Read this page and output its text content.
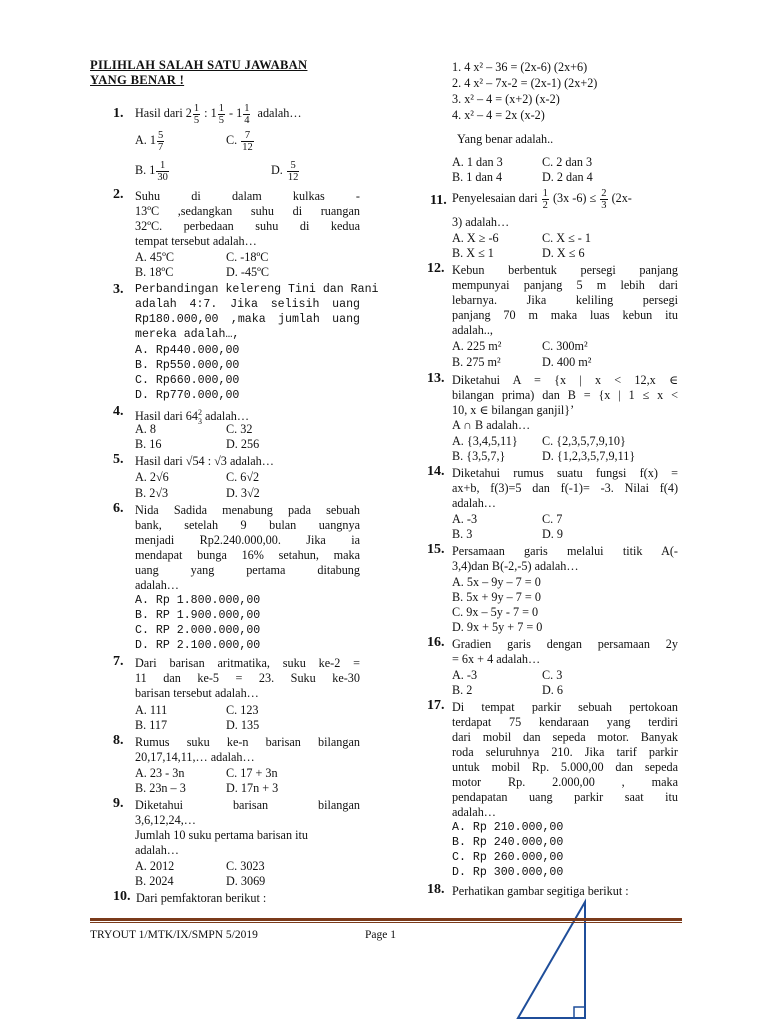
PILIHLAH SALAH SATU JAWABAN
YANG BENAR !
1. Hasil dari $2 \frac{1}{5}$ : $1 \frac{1}{5} - 1 \frac{1}{4}$ adalah…
A. $1 \frac{5}{7}$	C. $\frac{7}{12}$
B. $1 \frac{1}{30}$	D. $\frac{5}{12}$
2. Suhu di dalam kulkas -
13ºC ,sedangkan suhu di ruangan
32ºC. perbedaan suhu di kedua
tempat tersebut adalah…
A. 45ºC	C. -18ºC
B. 18ºC	D. -45ºC
3. Perbandingan kelereng Tini dan Rani
adalah 4:7. Jika selisih uang
Rp180.000,00 ,maka jumlah uang
mereka adalah…,
A. Rp440.000,00
B. Rp550.000,00
C. Rp660.000,00
D. Rp770.000,00
4. Hasil dari $64^2_3$ adalah…
A. 8	C. 32
B. 16	D. 256
5. Hasil dari √54 : √3 adalah…
A. 2√6	C. 6√2
B. 2√3	D. 3√2
6. Nida Sadida menabung pada sebuah
bank, setelah 9 bulan uangnya
menjadi Rp2.240.000,00. Jika ia
mendapat bunga 16% setahun, maka
uang yang pertama ditabung
adalah…
A. Rp 1.800.000,00
B. RP 1.900.000,00
C. RP 2.000.000,00
D. RP 2.100.000,00
7. Dari barisan aritmatika, suku ke-2 =
11 dan ke-5 = 23. Suku ke-30
barisan tersebut adalah…
A. 111	C. 123
B. 117	D. 135
8. Rumus suku ke-n barisan bilangan
20,17,14,11,… adalah…
A. 23 - 3n	C. 17 + 3n
B. 23n – 3	D. 17n + 3
9. Diketahui barisan bilangan
3,6,12,24,…
Jumlah 10 suku pertama barisan itu
adalah…
A. 2012	C. 3023
B. 2024	D. 3069
10. Dari pemfaktoran berikut :
1. 4 x² – 36 = (2x-6) (2x+6)
2. 4 x² – 7x-2 = (2x-1) (2x+2)
3. x² – 4 = (x+2) (x-2)
4. x² – 4 = 2x (x-2)
Yang benar adalah..
A. 1 dan 3	C. 2 dan 3
B. 1 dan 4	D. 2 dan 4
11. Penyelesaian dari $\frac{1}{2} (3x$ $-6) \le \frac{2}{3} (2x-$
3) adalah…
A. X ≥ -6	C. X ≤ - 1
B. X ≤ 1	D. X ≤ 6
12. Kebun berbentuk persegi panjang
mempunyai panjang 5 m lebih dari
lebarnya. Jika keliling persegi
panjang 70 m maka luas kebun itu
adalah..,
A. 225 m²	C. 300m²
B. 275 m²	D. 400 m²
13. Diketahui A = {x | x < 12,x ∈
bilangan prima) dan B = {x | 1 ≤ x <
10, x ∈ bilangan ganjil}’
A ∩ B adalah…
A. {3,4,5,11} C. {2,3,5,7,9,10}
B. {3,5,7,}	D. {1,2,3,5,7,9,11}
14. Diketahui rumus suatu fungsi f(x) =
ax+b, f(3)=5 dan f(-1)= -3. Nilai f(4)
adalah…
A. -3	C. 7
B. 3	D. 9
15. Persamaan garis melalui titik A(-
3,4)dan B(-2,-5) adalah…
A. 5x – 9y – 7 = 0
B. 5x + 9y – 7 = 0
C. 9x – 5y - 7 = 0
D. 9x + 5y + 7 = 0
16. Gradien garis dengan persamaan 2y
= 6x + 4 adalah…
A. -3	C. 3
B. 2	D. 6
17. Di tempat parkir sebuah pertokoan
terdapat 75 kendaraan yang terdiri
dari mobil dan sepeda motor. Banyak
roda seluruhnya 210. Jika tarif parkir
untuk mobil Rp. 5.000,00 dan sepeda
motor Rp. 2.000,00 , maka
pendapatan uang parkir saat itu
adalah…
A. Rp 210.000,00
B. Rp 240.000,00
C. Rp 260.000,00
D. Rp 300.000,00
18. Perhatikan gambar segitiga berikut :
TRYOUT 1/MTK/IX/SMPN 5/2019	Page 1
